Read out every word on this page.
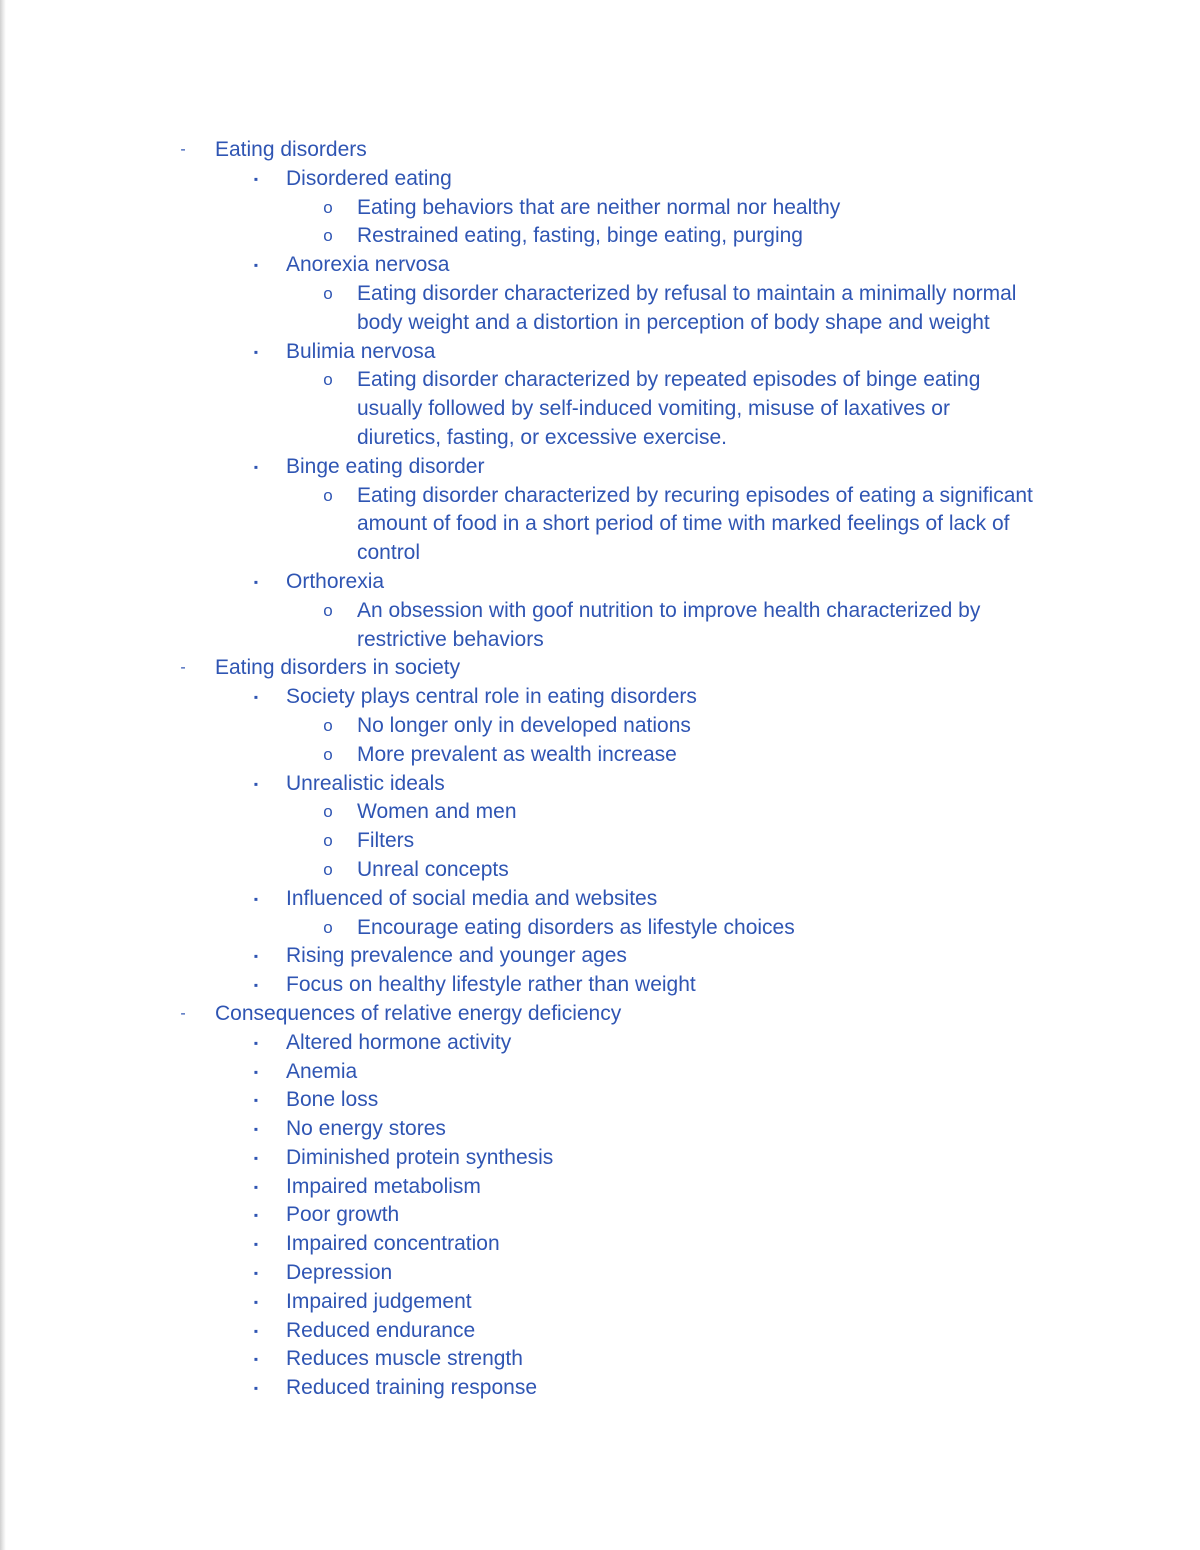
- Eating disorders
▪ Disordered eating
o Eating behaviors that are neither normal nor healthy
o Restrained eating, fasting, binge eating, purging
▪ Anorexia nervosa
o Eating disorder characterized by refusal to maintain a minimally normal
body weight and a distortion in perception of body shape and weight
▪ Bulimia nervosa
o Eating disorder characterized by repeated episodes of binge eating
usually followed by self-induced vomiting, misuse of laxatives or
diuretics, fasting, or excessive exercise.
▪ Binge eating disorder
o Eating disorder characterized by recuring episodes of eating a significant
amount of food in a short period of time with marked feelings of lack of
control
▪ Orthorexia
o An obsession with goof nutrition to improve health characterized by
restrictive behaviors
- Eating disorders in society
▪ Society plays central role in eating disorders
o No longer only in developed nations
o More prevalent as wealth increase
▪ Unrealistic ideals
o Women and men
o Filters
o Unreal concepts
▪ Influenced of social media and websites
o Encourage eating disorders as lifestyle choices
▪ Rising prevalence and younger ages
▪ Focus on healthy lifestyle rather than weight
- Consequences of relative energy deficiency
▪ Altered hormone activity
▪ Anemia
▪ Bone loss
▪ No energy stores
▪ Diminished protein synthesis
▪ Impaired metabolism
▪ Poor growth
▪ Impaired concentration
▪ Depression
▪ Impaired judgement
▪ Reduced endurance
▪ Reduces muscle strength
▪ Reduced training response
